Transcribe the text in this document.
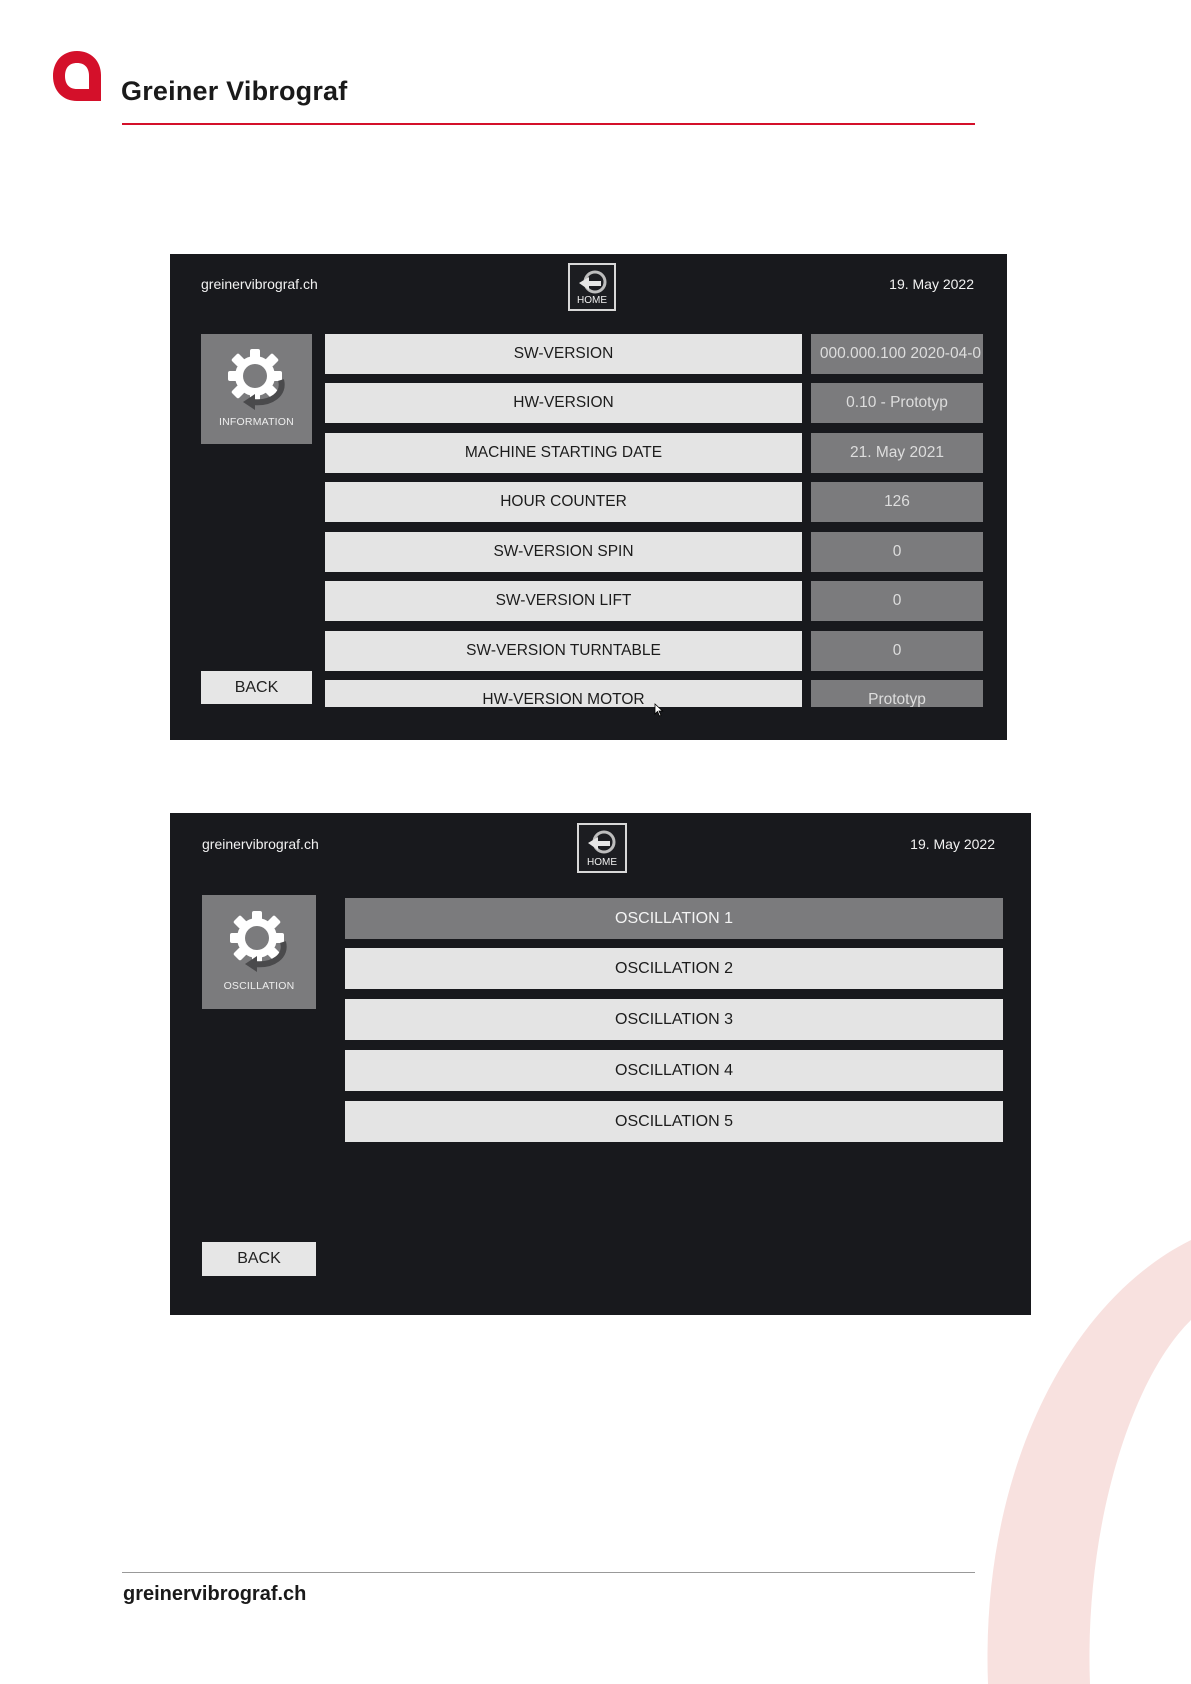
Greiner Vibrograf
greinervibrograf.ch
HOME
19. May 2022
INFORMATION
BACK
SW-VERSION	000.000.100 2020-04-0
HW-VERSION	0.10 - Prototyp
MACHINE STARTING DATE	21. May 2021
HOUR COUNTER	126
SW-VERSION SPIN	0
SW-VERSION LIFT	0
SW-VERSION TURNTABLE	0
HW-VERSION MOTOR	Prototyp
greinervibrograf.ch
HOME
19. May 2022
OSCILLATION
BACK
OSCILLATION 1
OSCILLATION 2
OSCILLATION 3
OSCILLATION 4
OSCILLATION 5
greinervibrograf.ch
